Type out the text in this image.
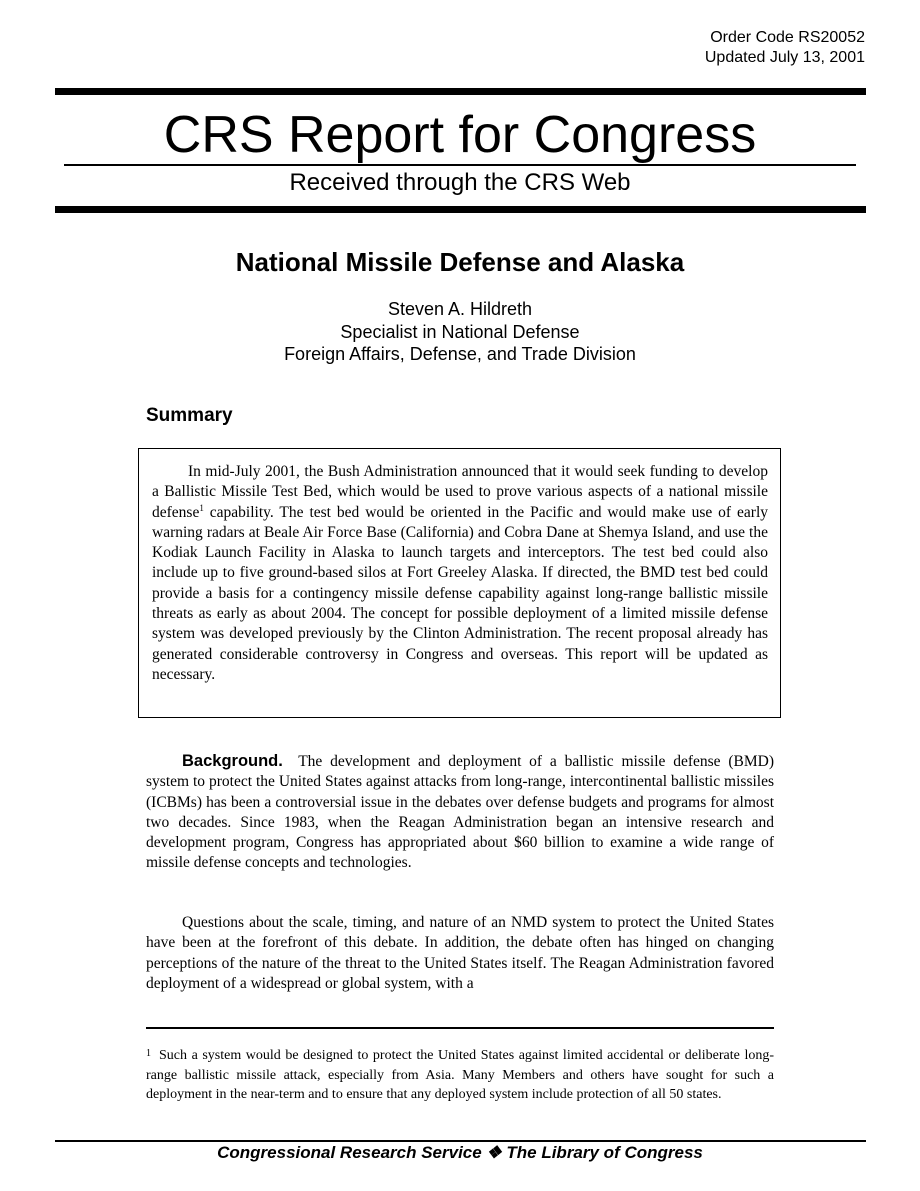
Order Code RS20052
Updated July 13, 2001
CRS Report for Congress
Received through the CRS Web
National Missile Defense and Alaska
Steven A. Hildreth
Specialist in National Defense
Foreign Affairs, Defense, and Trade Division
Summary

In mid-July 2001, the Bush Administration announced that it would seek funding to develop a Ballistic Missile Test Bed, which would be used to prove various aspects of a national missile defense$^1$ capability. The test bed would be oriented in the Pacific and would make use of early warning radars at Beale Air Force Base (California) and Cobra Dane at Shemya Island, and use the Kodiak Launch Facility in Alaska to launch targets and interceptors. The test bed could also include up to five ground-based silos at Fort Greeley Alaska. If directed, the BMD test bed could provide a basis for a contingency missile defense capability against long-range ballistic missile threats as early as about 2004. The concept for possible deployment of a limited missile defense system was developed previously by the Clinton Administration. The recent proposal already has generated considerable controversy in Congress and overseas. This report will be updated as necessary.

Background. The development and deployment of a ballistic missile defense (BMD) system to protect the United States against attacks from long-range, intercontinental ballistic missiles (ICBMs) has been a controversial issue in the debates over defense budgets and programs for almost two decades. Since 1983, when the Reagan Administration began an intensive research and development program, Congress has appropriated about $60 billion to examine a wide range of missile defense concepts and technologies.

Questions about the scale, timing, and nature of an NMD system to protect the United States have been at the forefront of this debate. In addition, the debate often has hinged on changing perceptions of the nature of the threat to the United States itself. The Reagan Administration favored deployment of a widespread or global system, with a

$^1$ Such a system would be designed to protect the United States against limited accidental or deliberate long-range ballistic missile attack, especially from Asia. Many Members and others have sought for such a deployment in the near-term and to ensure that any deployed system include protection of all 50 states.

Congressional Research Service ❖ The Library of Congress
